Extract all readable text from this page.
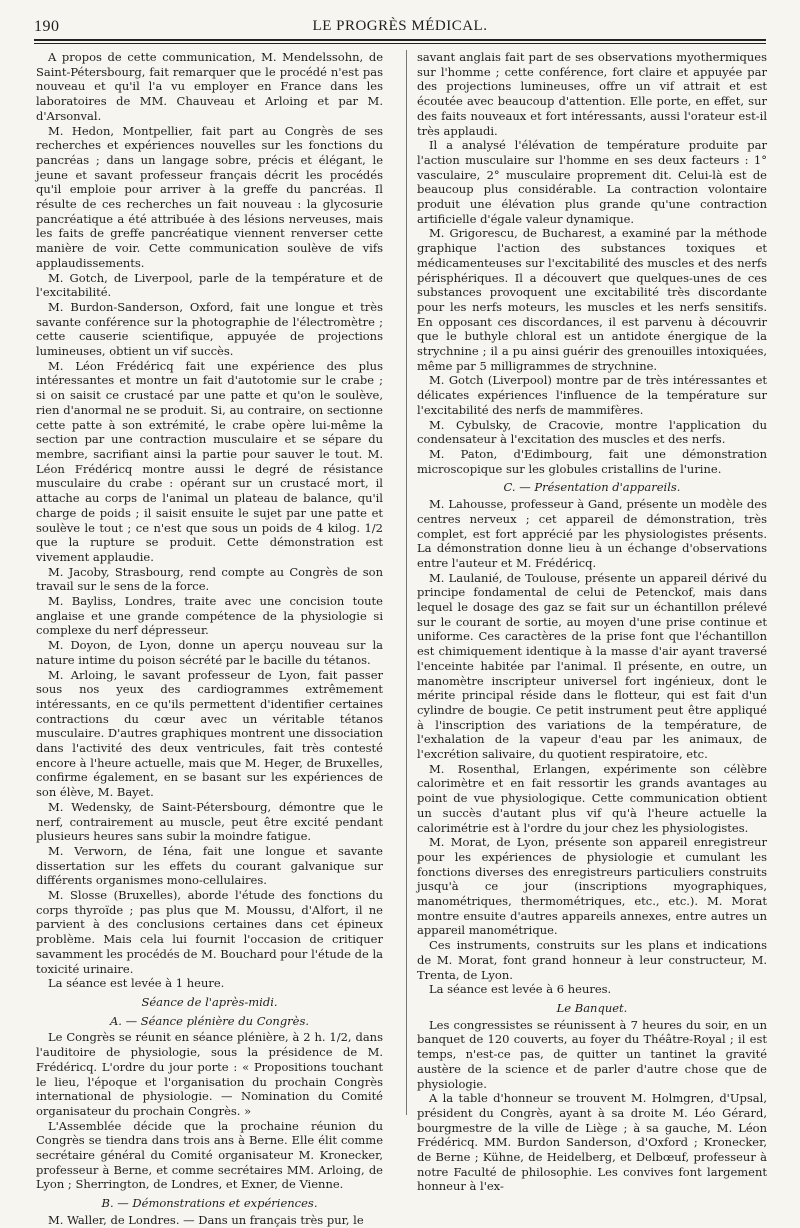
190	LE PROGRÈS MÉDICAL.

A propos de cette communication, M. Mendelssohn, de Saint-Pétersbourg, fait remarquer que le procédé n'est pas nouveau et qu'il l'a vu employer en France dans les laboratoires de MM. Chauveau et Arloing et par M. d'Arsonval.

M. Hedon, Montpellier, fait part au Congrès de ses recherches et expériences nouvelles sur les fonctions du pancréas ; dans un langage sobre, précis et élégant, le jeune et savant professeur français décrit les procédés qu'il emploie pour arriver à la greffe du pancréas. Il résulte de ces recherches un fait nouveau : la glycosurie pancréatique a été attribuée à des lésions nerveuses, mais les faits de greffe pancréatique viennent renverser cette manière de voir. Cette communication soulève de vifs applaudissements.

M. Gotch, de Liverpool, parle de la température et de l'excitabilité.

M. Burdon-Sanderson, Oxford, fait une longue et très savante conférence sur la photographie de l'électromètre ; cette causerie scientifique, appuyée de projections lumineuses, obtient un vif succès.

M. Léon Frédéricq fait une expérience des plus intéressantes et montre un fait d'autotomie sur le crabe ; si on saisit ce crustacé par une patte et qu'on le soulève, rien d'anormal ne se produit. Si, au contraire, on sectionne cette patte à son extrémité, le crabe opère lui-même la section par une contraction musculaire et se sépare du membre, sacrifiant ainsi la partie pour sauver le tout. M. Léon Frédéricq montre aussi le degré de résistance musculaire du crabe : opérant sur un crustacé mort, il attache au corps de l'animal un plateau de balance, qu'il charge de poids ; il saisit ensuite le sujet par une patte et soulève le tout ; ce n'est que sous un poids de 4 kilog. 1/2 que la rupture se produit. Cette démonstration est vivement applaudie.

M. Jacoby, Strasbourg, rend compte au Congrès de son travail sur le sens de la force.

M. Bayliss, Londres, traite avec une concision toute anglaise et une grande compétence de la physiologie si complexe du nerf dépresseur.

M. Doyon, de Lyon, donne un aperçu nouveau sur la nature intime du poison sécrété par le bacille du tétanos.

M. Arloing, le savant professeur de Lyon, fait passer sous nos yeux des cardiogrammes extrêmement intéressants, en ce qu'ils permettent d'identifier certaines contractions du cœur avec un véritable tétanos musculaire. D'autres graphiques montrent une dissociation dans l'activité des deux ventricules, fait très contesté encore à l'heure actuelle, mais que M. Heger, de Bruxelles, confirme également, en se basant sur les expériences de son élève, M. Bayet.

M. Wedensky, de Saint-Pétersbourg, démontre que le nerf, contrairement au muscle, peut être excité pendant plusieurs heures sans subir la moindre fatigue.

M. Verworn, de Iéna, fait une longue et savante dissertation sur les effets du courant galvanique sur différents organismes mono-cellulaires.

M. Slosse (Bruxelles), aborde l'étude des fonctions du corps thyroïde ; pas plus que M. Moussu, d'Alfort, il ne parvient à des conclusions certaines dans cet épineux problème. Mais cela lui fournit l'occasion de critiquer savamment les procédés de M. Bouchard pour l'étude de la toxicité urinaire.

La séance est levée à 1 heure.

Séance de l'après-midi.

A. — Séance plénière du Congrès.

Le Congrès se réunit en séance plénière, à 2 h. 1/2, dans l'auditoire de physiologie, sous la présidence de M. Frédéricq. L'ordre du jour porte : « Propositions touchant le lieu, l'époque et l'organisation du prochain Congrès international de physiologie. — Nomination du Comité organisateur du prochain Congrès. »

L'Assemblée décide que la prochaine réunion du Congrès se tiendra dans trois ans à Berne. Elle élit comme secrétaire général du Comité organisateur M. Kronecker, professeur à Berne, et comme secrétaires MM. Arloing, de Lyon ; Sherrington, de Londres, et Exner, de Vienne.

B. — Démonstrations et expériences.

M. Waller, de Londres. — Dans un français très pur, le

savant anglais fait part de ses observations myothermiques sur l'homme ; cette conférence, fort claire et appuyée par des projections lumineuses, offre un vif attrait et est écoutée avec beaucoup d'attention. Elle porte, en effet, sur des faits nouveaux et fort intéressants, aussi l'orateur est-il très applaudi.

Il a analysé l'élévation de température produite par l'action musculaire sur l'homme en ses deux facteurs : 1° vasculaire, 2° musculaire proprement dit. Celui-là est de beaucoup plus considérable. La contraction volontaire produit une élévation plus grande qu'une contraction artificielle d'égale valeur dynamique.

M. Grigorescu, de Bucharest, a examiné par la méthode graphique l'action des substances toxiques et médicamenteuses sur l'excitabilité des muscles et des nerfs périsphériques. Il a découvert que quelques-unes de ces substances provoquent une excitabilité très discordante pour les nerfs moteurs, les muscles et les nerfs sensitifs. En opposant ces discordances, il est parvenu à découvrir que le buthyle chloral est un antidote énergique de la strychnine ; il a pu ainsi guérir des grenouilles intoxiquées, même par 5 milligrammes de strychnine.

M. Gotch (Liverpool) montre par de très intéressantes et délicates expériences l'influence de la température sur l'excitabilité des nerfs de mammifères.

M. Cybulsky, de Cracovie, montre l'application du condensateur à l'excitation des muscles et des nerfs.

M. Paton, d'Edimbourg, fait une démonstration microscopique sur les globules cristallins de l'urine.

C. — Présentation d'appareils.

M. Lahousse, professeur à Gand, présente un modèle des centres nerveux ; cet appareil de démonstration, très complet, est fort apprécié par les physiologistes présents. La démonstration donne lieu à un échange d'observations entre l'auteur et M. Frédéricq.

M. Laulanié, de Toulouse, présente un appareil dérivé du principe fondamental de celui de Petenckof, mais dans lequel le dosage des gaz se fait sur un échantillon prélevé sur le courant de sortie, au moyen d'une prise continue et uniforme. Ces caractères de la prise font que l'échantillon est chimiquement identique à la masse d'air ayant traversé l'enceinte habitée par l'animal. Il présente, en outre, un manomètre inscripteur universel fort ingénieux, dont le mérite principal réside dans le flotteur, qui est fait d'un cylindre de bougie. Ce petit instrument peut être appliqué à l'inscription des variations de la température, de l'exhalation de la vapeur d'eau par les animaux, de l'excrétion salivaire, du quotient respiratoire, etc.

M. Rosenthal, Erlangen, expérimente son célèbre calorimètre et en fait ressortir les grands avantages au point de vue physiologique. Cette communication obtient un succès d'autant plus vif qu'à l'heure actuelle la calorimétrie est à l'ordre du jour chez les physiologistes.

M. Morat, de Lyon, présente son appareil enregistreur pour les expériences de physiologie et cumulant les fonctions diverses des enregistreurs particuliers construits jusqu'à ce jour (inscriptions myographiques, manométriques, thermométriques, etc., etc.). M. Morat montre ensuite d'autres appareils annexes, entre autres un appareil manométrique.

Ces instruments, construits sur les plans et indications de M. Morat, font grand honneur à leur constructeur, M. Trenta, de Lyon.

La séance est levée à 6 heures.

Le Banquet.

Les congressistes se réunissent à 7 heures du soir, en un banquet de 120 couverts, au foyer du Théâtre-Royal ; il est temps, n'est-ce pas, de quitter un tantinet la gravité austère de la science et de parler d'autre chose que de physiologie.

A la table d'honneur se trouvent M. Holmgren, d'Upsal, président du Congrès, ayant à sa droite M. Léo Gérard, bourgmestre de la ville de Liège ; à sa gauche, M. Léon Frédéricq. MM. Burdon Sanderson, d'Oxford ; Kronecker, de Berne ; Kühne, de Heidelberg, et Delbœuf, professeur à notre Faculté de philosophie. Les convives font largement honneur à l'ex-
